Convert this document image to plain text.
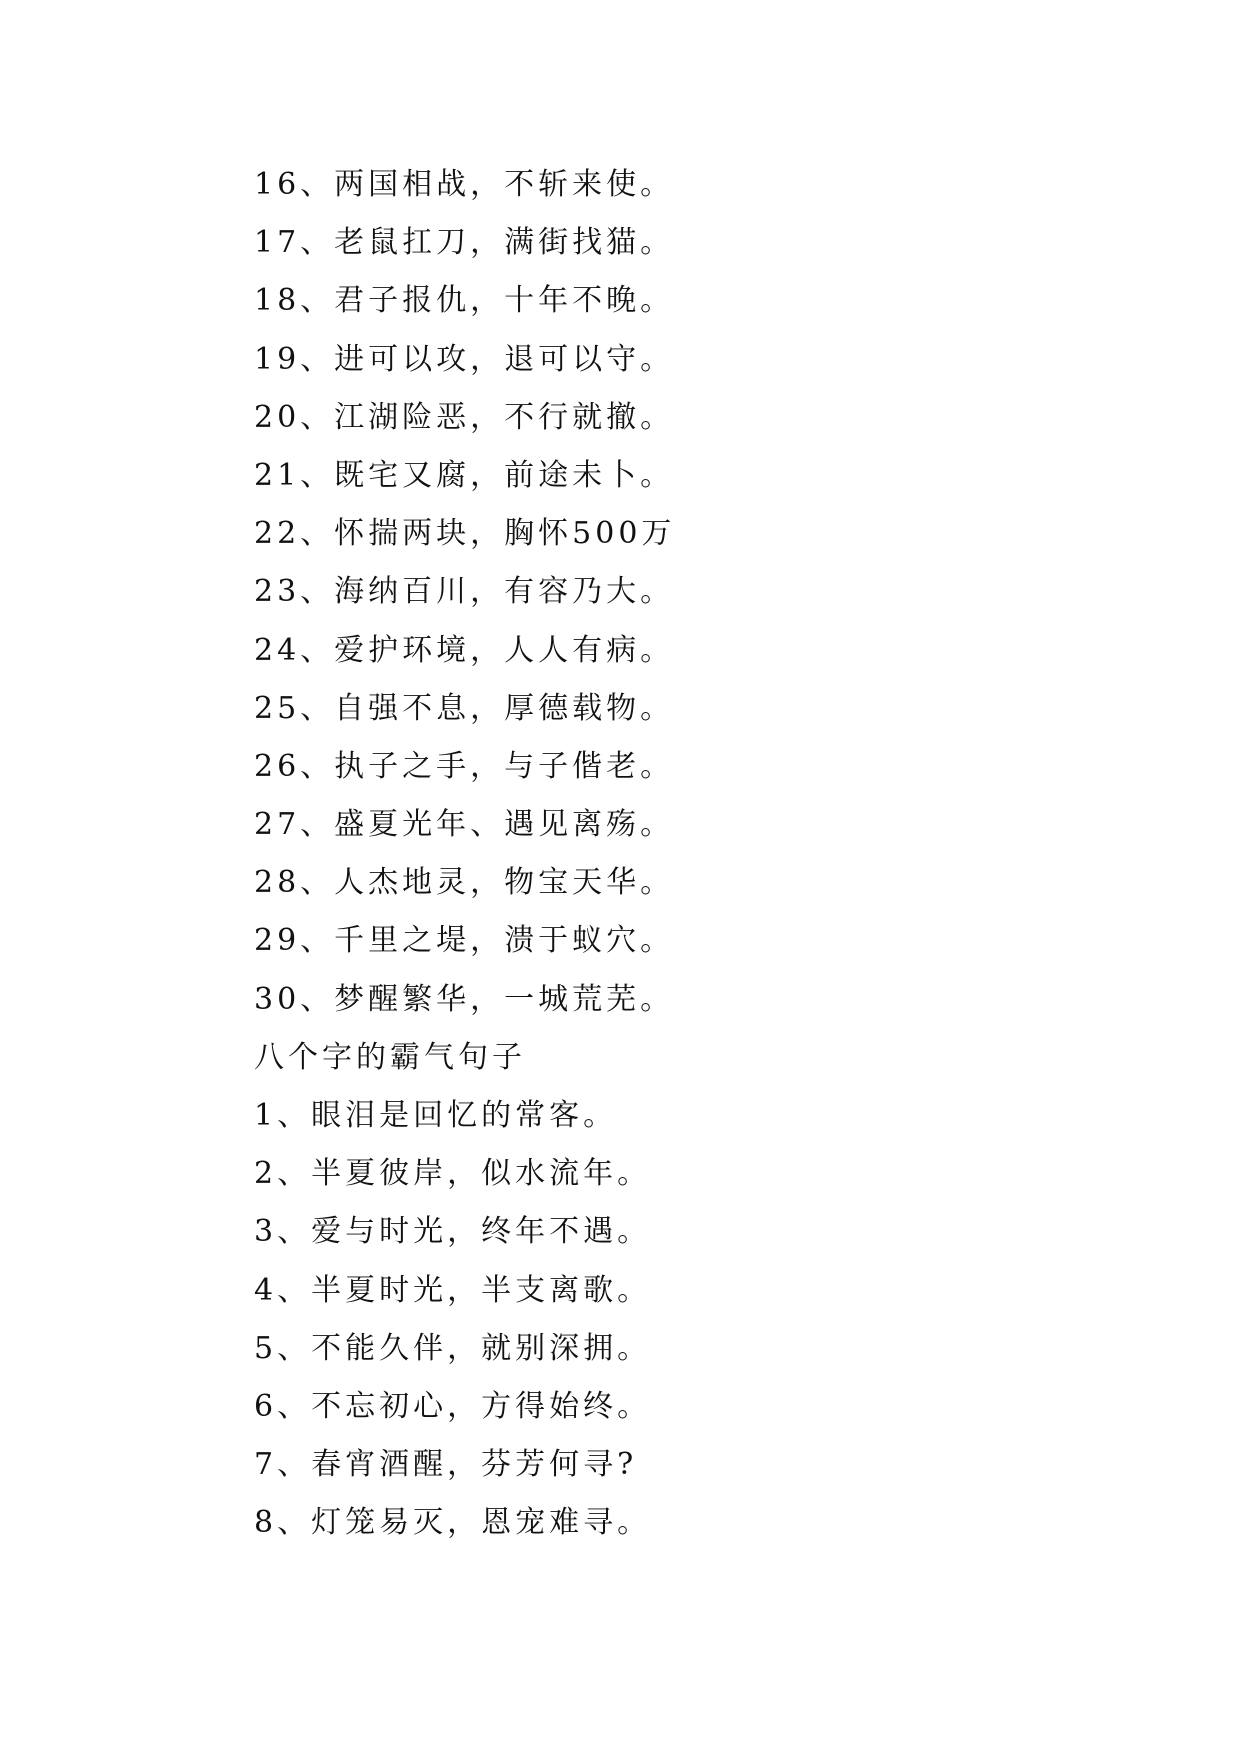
16、两国相战，不斩来使。

17、老鼠扛刀，满街找猫。

18、君子报仇，十年不晚。

19、进可以攻，退可以守。

20、江湖险恶，不行就撤。

21、既宅又腐，前途未卜。

22、怀揣两块，胸怀500万

23、海纳百川，有容乃大。

24、爱护环境，人人有病。

25、自强不息，厚德载物。

26、执子之手，与子偕老。

27、盛夏光年、遇见离殇。

28、人杰地灵，物宝天华。

29、千里之堤，溃于蚁穴。

30、梦醒繁华，一城荒芜。

八个字的霸气句子

1、眼泪是回忆的常客。

2、半夏彼岸，似水流年。

3、爱与时光，终年不遇。

4、半夏时光，半支离歌。

5、不能久伴，就别深拥。

6、不忘初心，方得始终。

7、春宵酒醒，芬芳何寻?

8、灯笼易灭，恩宠难寻。
